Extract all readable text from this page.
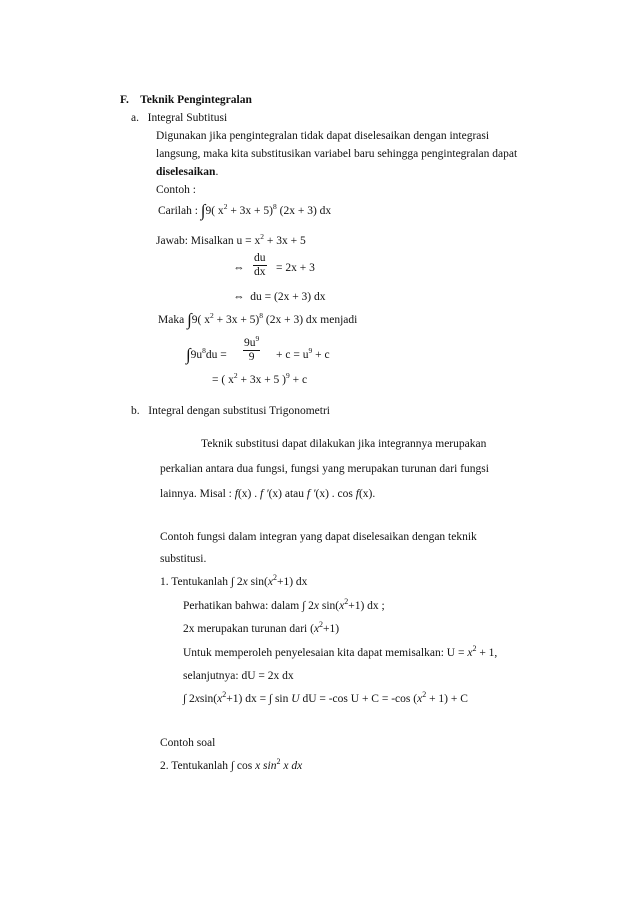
F. Teknik Pengintegralan
a. Integral Subtitusi
Digunakan jika pengintegralan tidak dapat diselesaikan dengan integrasi
langsung, maka kita substitusikan variabel baru sehingga pengintegralan dapat
diselesaikan.
Contoh :
Carilah : ∫9( $x^2 + 3x + 5)^8$ (2x + 3) dx
Jawab: Misalkan $u = x^2 + 3x + 5$
⇔ $\frac{du}{dx} = 2x + 3$
⇔ du = (2x + 3) dx
Maka ∫9( $x^2 + 3x + 5)^8$ (2x + 3) dx menjadi
$\int 9u^8du = \frac{9u^9}{9} + c = u^9 + c$
= ( $x^2 + 3x + 5$ )$^9$ + c
b. Integral dengan substitusi Trigonometri
Teknik substitusi dapat dilakukan jika integrannya merupakan
perkalian antara dua fungsi, fungsi yang merupakan turunan dari fungsi
lainnya. Misal : f(x) . f ′(x) atau f ′(x) . cos f(x).
Contoh fungsi dalam integran yang dapat diselesaikan dengan teknik
substitusi.
1. Tentukanlah ∫ 2x $\sin(x^2+1)$ dx
Perhatikan bahwa: dalam ∫ 2x $\sin(x^2+1)$ dx ;
2x merupakan turunan dari $(x^2+1)$
Untuk memperoleh penyelesaian kita dapat memisalkan: $U = x^2 + 1$,
selanjutnya: dU = 2x dx
∫ $2xsin(x^2+1)$ dx = ∫ sin U dU = -cos U + C = -cos $(x^2 + 1) + C$
Contoh soal
2. Tentukanlah ∫ cos x $\sin^2 x$ dx
